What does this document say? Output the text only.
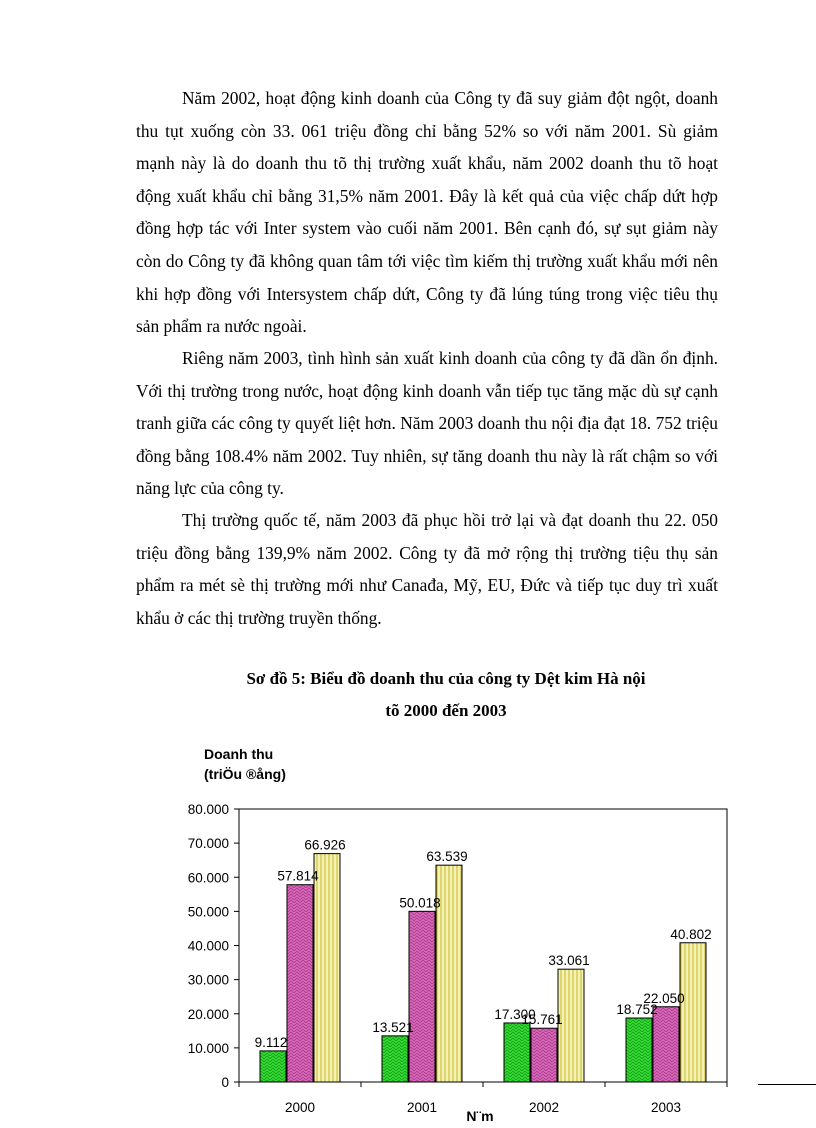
Năm 2002, hoạt động kinh doanh của Công ty đã suy giảm đột ngột, doanh thu tụt xuống còn 33. 061 triệu đồng chỉ bằng 52% so với năm 2001. Sù giảm mạnh này là do doanh thu tõ thị trường xuất khẩu, năm 2002 doanh thu tõ hoạt động xuất khẩu chỉ bằng 31,5% năm 2001. Đây là kết quả của việc chấp dứt hợp đồng hợp tác với Inter system vào cuối năm 2001. Bên cạnh đó, sự sụt giảm này còn do Công ty đã không quan tâm tới việc tìm kiếm thị trường xuất khẩu mới nên khi hợp đồng với Intersystem chấp dứt, Công ty đã lúng túng trong việc tiêu thụ sản phẩm ra nước ngoài.

Riêng năm 2003, tình hình sản xuất kinh doanh của công ty đã dần ổn định. Với thị trường trong nước, hoạt động kinh doanh vẫn tiếp tục tăng mặc dù sự cạnh tranh giữa các công ty quyết liệt hơn. Năm 2003 doanh thu nội địa đạt 18. 752 triệu đồng bằng 108.4% năm 2002. Tuy nhiên, sự tăng doanh thu này là rất chậm so với năng lực của công ty.

Thị trường quốc tế, năm 2003 đã phục hồi trở lại và đạt doanh thu 22. 050 triệu đồng bằng 139,9% năm 2002. Công ty đã mở rộng thị trường tiệu thụ sản phẩm ra mét sè thị trường mới như Canađa, Mỹ, EU, Đức và tiếp tục duy trì xuất khẩu ở các thị trường truyền thống.

Sơ đồ 5: Biểu đồ doanh thu của công ty Dệt kim Hà nội

tõ 2000 đến 2003

Doanh thu
(triÖu ®ång)
0
10.000
20.000
30.000
40.000
50.000
60.000
70.000
80.000
2000	2001	2002	2003
9.112
13.521
17.300	18.752
57.814
50.018
15.761
22.050
66.926
63.539
33.061
40.802
N¨m
